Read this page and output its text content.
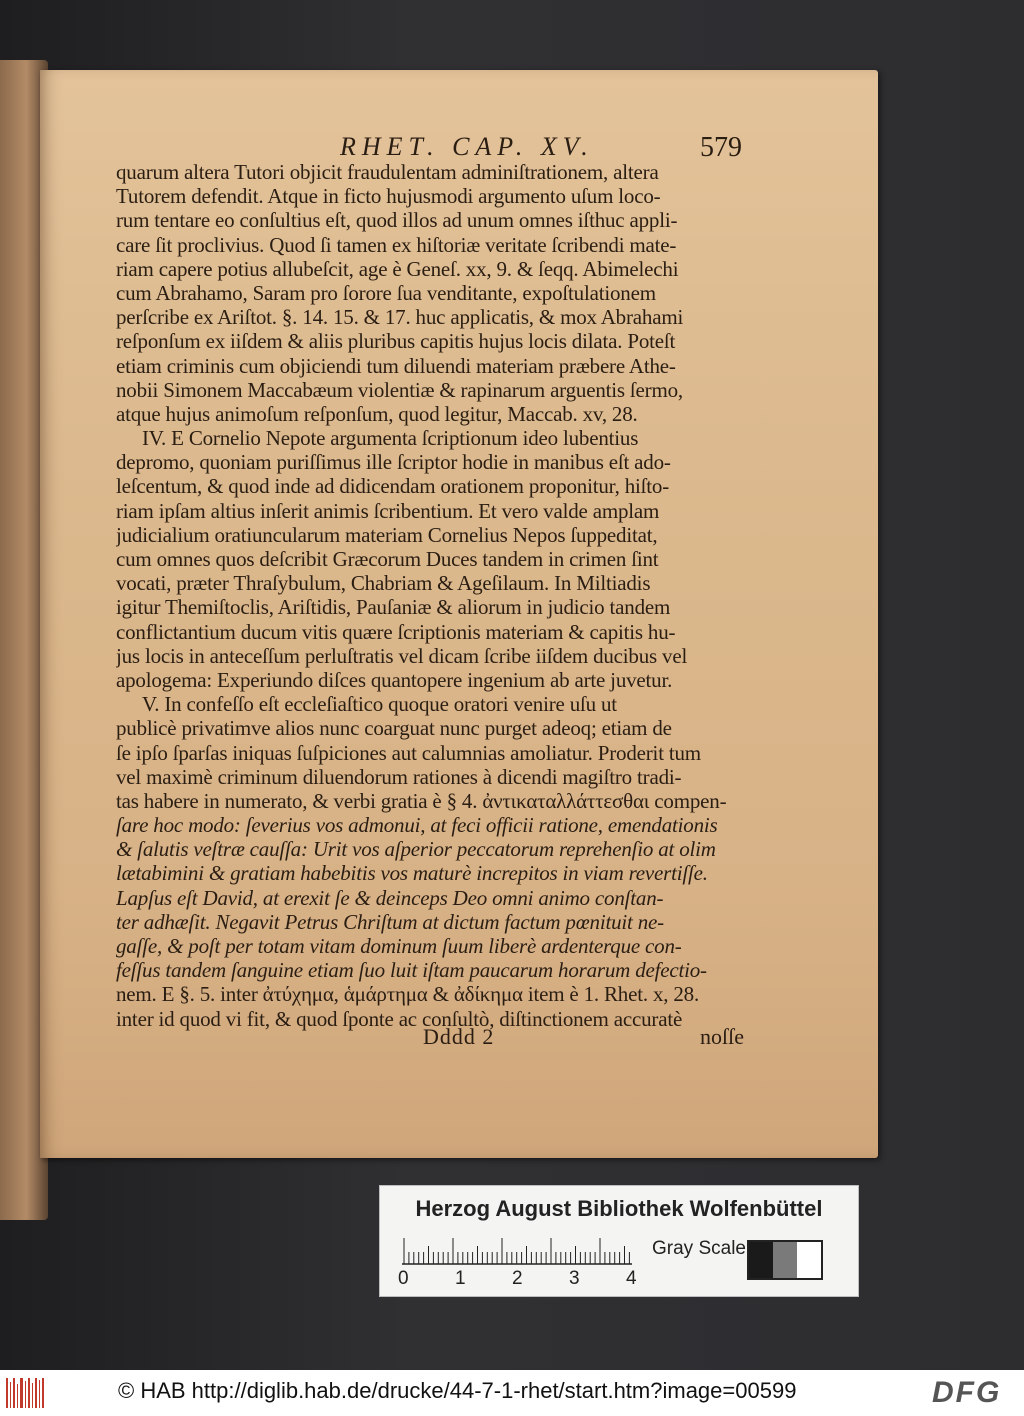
RHET. CAP. XV.	579
quarum altera Tutori objicit fraudulentam adminiſtrationem, altera
Tutorem defendit. Atque in ficto hujusmodi argumento uſum loco-
rum tentare eo conſultius eſt, quod illos ad unum omnes iſthuc appli-
care ſit proclivius. Quod ſi tamen ex hiſtoriæ veritate ſcribendi mate-
riam capere potius allubeſcit, age è Geneſ. xx, 9. & ſeqq. Abimelechi
cum Abrahamo, Saram pro ſorore ſua venditante, expoſtulationem
perſcribe ex Ariſtot. §. 14. 15. & 17. huc applicatis, & mox Abrahami
reſponſum ex iiſdem & aliis pluribus capitis hujus locis dilata. Poteſt
etiam criminis cum objiciendi tum diluendi materiam præbere Athe-
nobii Simonem Maccabæum violentiæ & rapinarum arguentis ſermo,
atque hujus animoſum reſponſum, quod legitur, Maccab. xv, 28.
IV. E Cornelio Nepote argumenta ſcriptionum ideo lubentius
depromo, quoniam puriſſimus ille ſcriptor hodie in manibus eſt ado-
leſcentum, & quod inde ad didicendam orationem proponitur, hiſto-
riam ipſam altius inſerit animis ſcribentium. Et vero valde amplam
judicialium oratiuncularum materiam Cornelius Nepos ſuppeditat,
cum omnes quos deſcribit Græcorum Duces tandem in crimen ſint
vocati, præter Thraſybulum, Chabriam & Ageſilaum. In Miltiadis
igitur Themiſtoclis, Ariſtidis, Pauſaniæ & aliorum in judicio tandem
conflictantium ducum vitis quære ſcriptionis materiam & capitis hu-
jus locis in anteceſſum perluſtratis vel dicam ſcribe iiſdem ducibus vel
apologema: Experiundo diſces quantopere ingenium ab arte juvetur.
V. In confeſſo eſt eccleſiaſtico quoque oratori venire uſu ut
publicè privatimve alios nunc coarguat nunc purget adeoq; etiam de
ſe ipſo ſparſas iniquas ſuſpiciones aut calumnias amoliatur. Proderit tum
vel maximè criminum diluendorum rationes à dicendi magiſtro tradi-
tas habere in numerato, & verbi gratia è § 4. ἀντικαταλλάττεσθαι compen-
ſare hoc modo: ſeverius vos admonui, at feci officii ratione, emendationis
& ſalutis veſtræ cauſſa: Urit vos aſperior peccatorum reprehenſio at olim
lætabimini & gratiam habebitis vos maturè increpitos in viam revertiſſe.
Lapſus eſt David, at erexit ſe & deinceps Deo omni animo conſtan-
ter adhæſit. Negavit Petrus Chriſtum at dictum factum pœnituit ne-
gaſſe, & poſt per totam vitam dominum ſuum liberè ardenterque con-
feſſus tandem ſanguine etiam ſuo luit iſtam paucarum horarum defectio-
nem. E §. 5. inter ἀτύχημα, ἁμάρτημα & ἀδίκημα item è 1. Rhet. x, 28.
inter id quod vi fit, & quod ſponte ac conſultò, diſtinctionem accuratè
Dddd 2	noſſe
Herzog August Bibliothek Wolfenbüttel
0 1 2 3 4
Gray Scale
© HAB http://diglib.hab.de/drucke/44-7-1-rhet/start.htm?image=00599	DFG
